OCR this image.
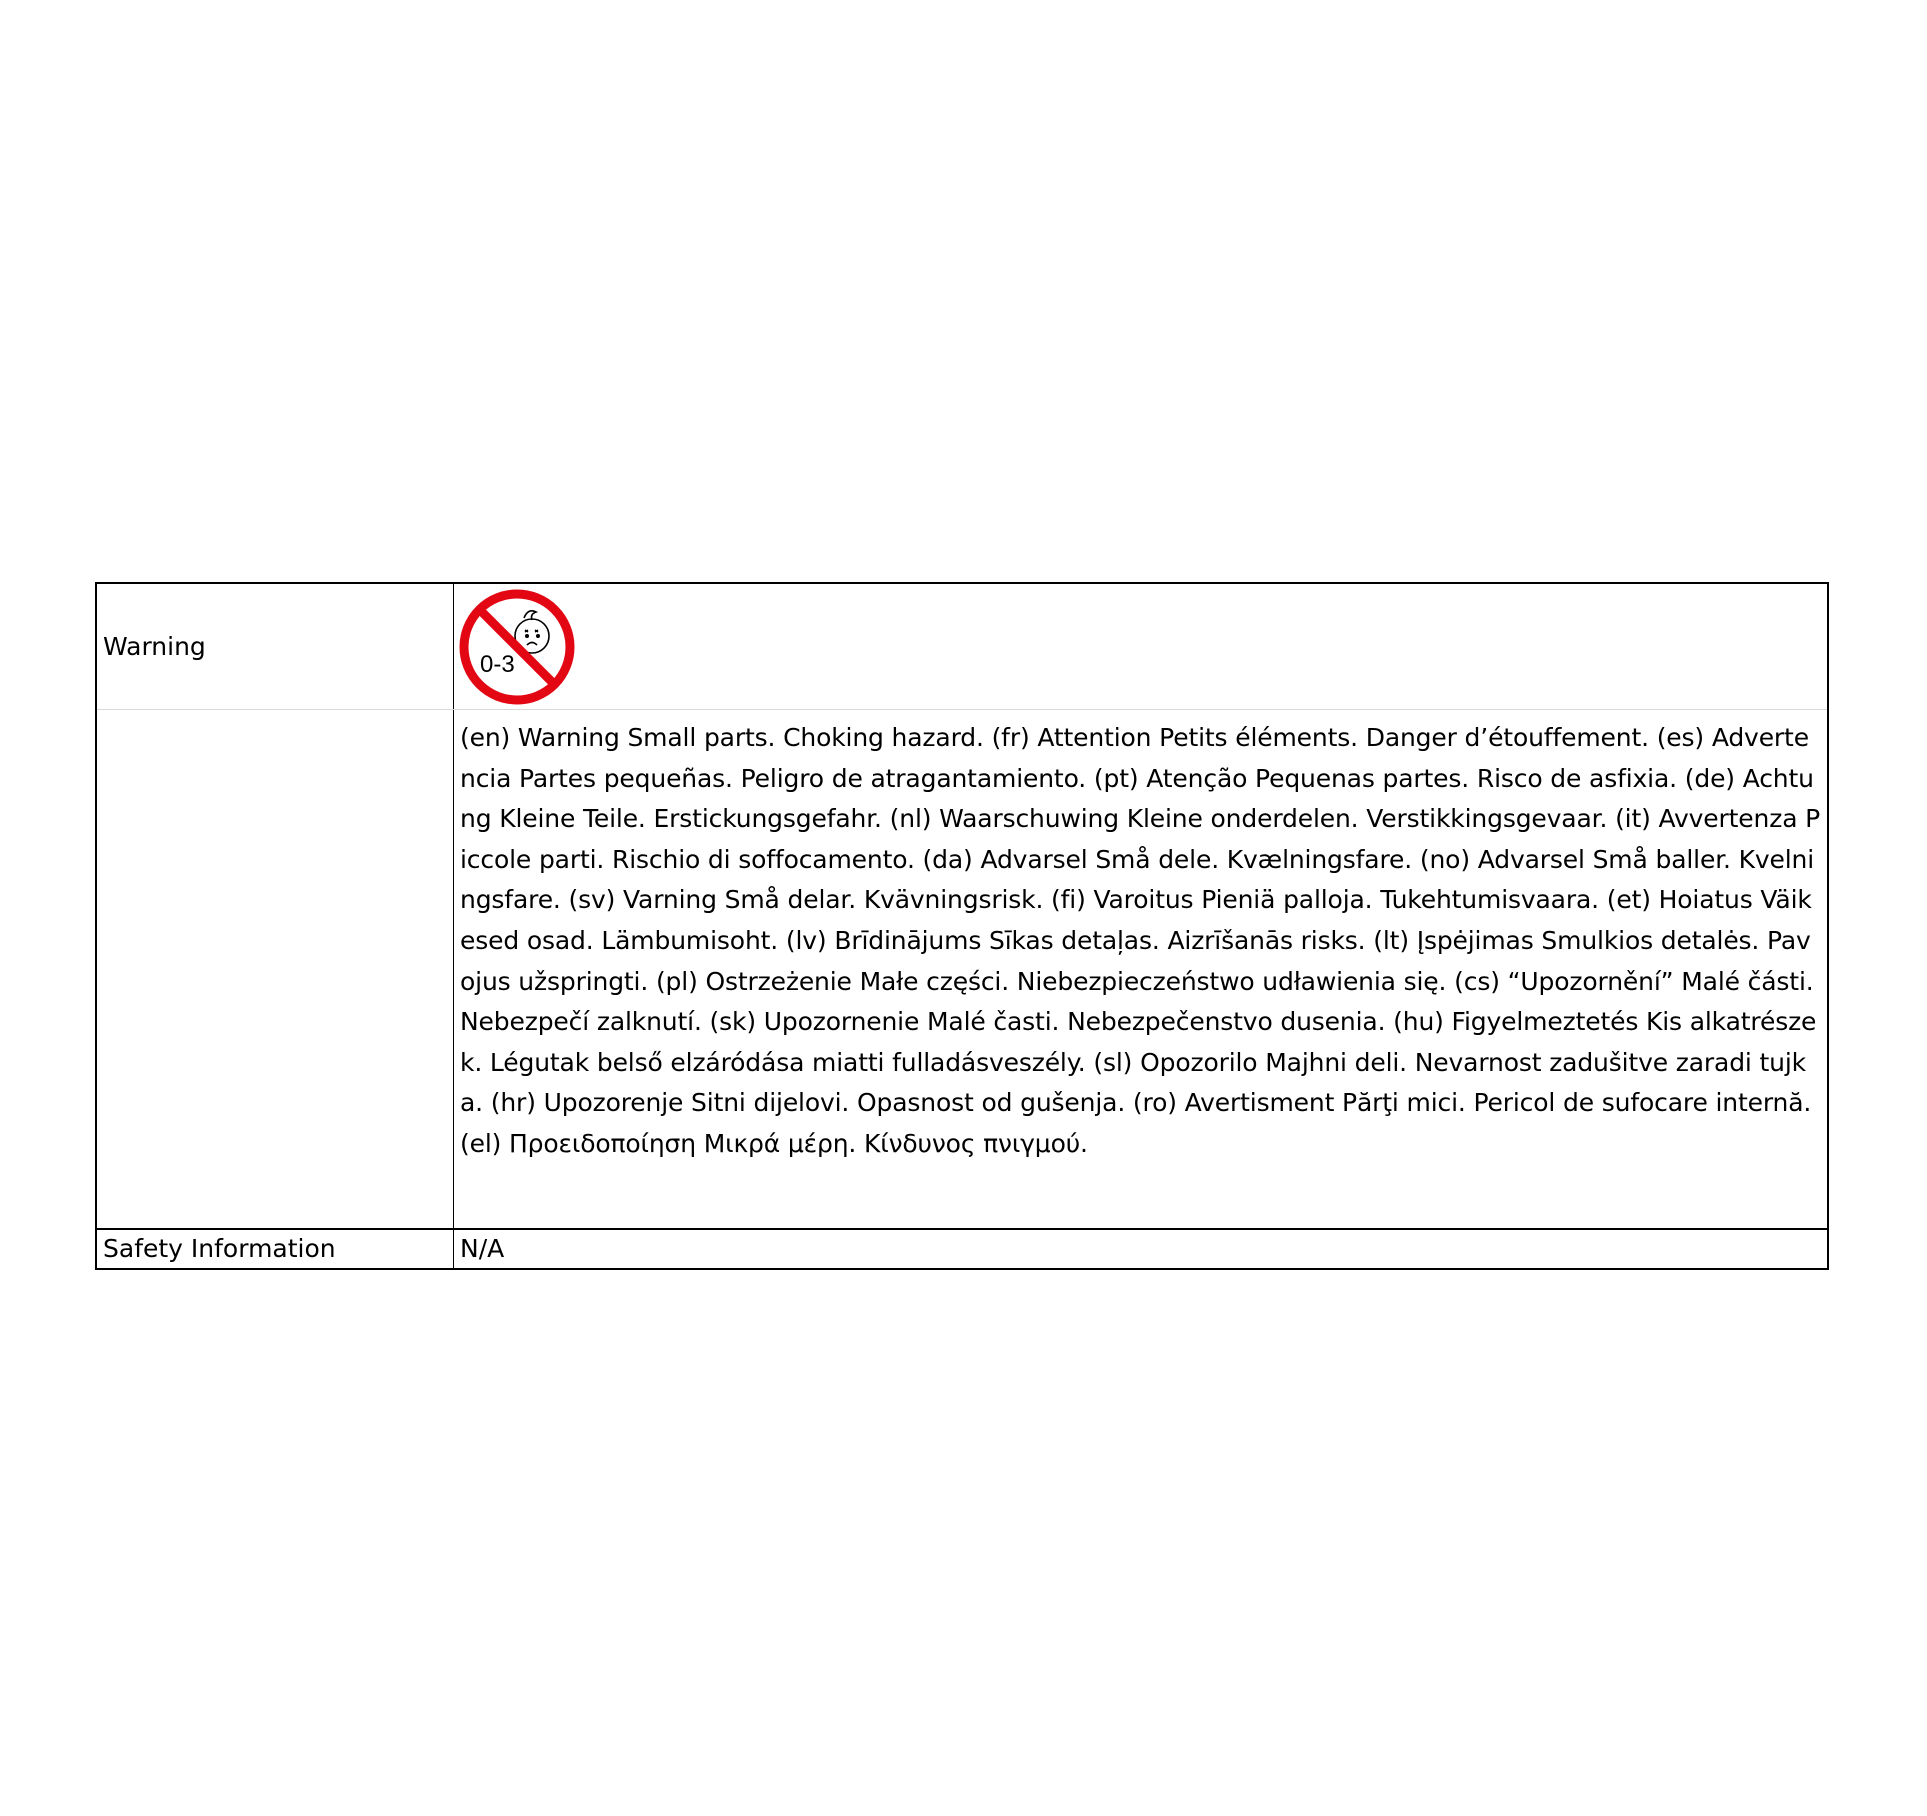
Warning
0-3
(en) Warning Small parts. Choking hazard. (fr) Attention Petits éléments. Danger d’étouffement. (es) Advertencia Partes pequeñas. Peligro de atragantamiento. (pt) Atenção Pequenas partes. Risco de asfixia. (de) Achtung Kleine Teile. Erstickungsgefahr. (nl) Waarschuwing Kleine onderdelen. Verstikkingsgevaar. (it) Avvertenza Piccole parti. Rischio di soffocamento. (da) Advarsel Små dele. Kvælningsfare. (no) Advarsel Små baller. Kvelningsfare. (sv) Varning Små delar. Kvävningsrisk. (fi) Varoitus Pieniä palloja. Tukehtumisvaara. (et) Hoiatus Väikesed osad. Lämbumisoht. (lv) Brīdinājums Sīkas detaļas. Aizrīšanās risks. (lt) Įspėjimas Smulkios detalės. Pavojus užspringti. (pl) Ostrzeżenie Małe części. Niebezpieczeństwo udławienia się. (cs) “Upozornění” Malé části. Nebezpečí zalknutí. (sk) Upozornenie Malé časti. Nebezpečenstvo dusenia. (hu) Figyelmeztetés Kis alkatrészek. Légutak belső elzáródása miatti fulladásveszély. (sl) Opozorilo Majhni deli. Nevarnost zadušitve zaradi tujka. (hr) Upozorenje Sitni dijelovi. Opasnost od gušenja. (ro) Avertisment Părţi mici. Pericol de sufocare internă. (el) Προειδοποίηση Μικρά μέρη. Κίνδυνος πνιγμού.
Safety Information	N/A
